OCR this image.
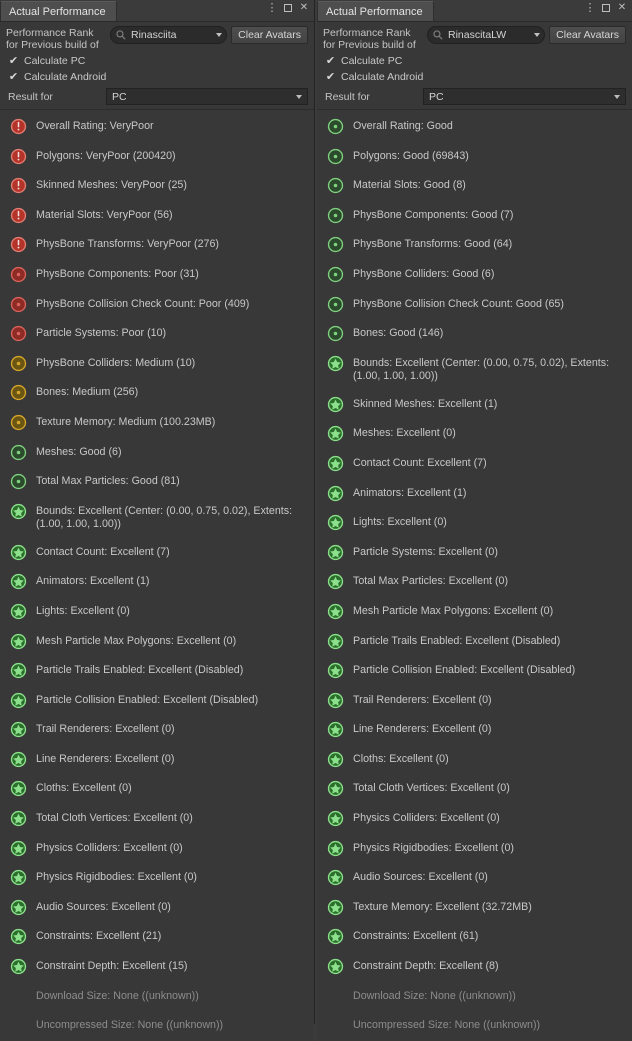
Actual Performance	⋮ ✕
Performance Rank for Previous build of
Rinasciita	Clear Avatars
✔ Calculate PC
✔ Calculate Android
Result for	PC
Overall Rating: VeryPoor
Polygons: VeryPoor (200420)
Skinned Meshes: VeryPoor (25)
Material Slots: VeryPoor (56)
PhysBone Transforms: VeryPoor (276)
PhysBone Components: Poor (31)
PhysBone Collision Check Count: Poor (409)
Particle Systems: Poor (10)
PhysBone Colliders: Medium (10)
Bones: Medium (256)
Texture Memory: Medium (100.23MB)
Meshes: Good (6)
Total Max Particles: Good (81)
Bounds: Excellent (Center: (0.00, 0.75, 0.02), Extents: (1.00, 1.00, 1.00))
Contact Count: Excellent (7)
Animators: Excellent (1)
Lights: Excellent (0)
Mesh Particle Max Polygons: Excellent (0)
Particle Trails Enabled: Excellent (Disabled)
Particle Collision Enabled: Excellent (Disabled)
Trail Renderers: Excellent (0)
Line Renderers: Excellent (0)
Cloths: Excellent (0)
Total Cloth Vertices: Excellent (0)
Physics Colliders: Excellent (0)
Physics Rigidbodies: Excellent (0)
Audio Sources: Excellent (0)
Constraints: Excellent (21)
Constraint Depth: Excellent (15)
Download Size: None ((unknown))
Uncompressed Size: None ((unknown))
Actual Performance	⋮ ✕
Performance Rank for Previous build of
RinascitaLW	Clear Avatars
✔ Calculate PC
✔ Calculate Android
Result for	PC
Overall Rating: Good
Polygons: Good (69843)
Material Slots: Good (8)
PhysBone Components: Good (7)
PhysBone Transforms: Good (64)
PhysBone Colliders: Good (6)
PhysBone Collision Check Count: Good (65)
Bones: Good (146)
Bounds: Excellent (Center: (0.00, 0.75, 0.02), Extents: (1.00, 1.00, 1.00))
Skinned Meshes: Excellent (1)
Meshes: Excellent (0)
Contact Count: Excellent (7)
Animators: Excellent (1)
Lights: Excellent (0)
Particle Systems: Excellent (0)
Total Max Particles: Excellent (0)
Mesh Particle Max Polygons: Excellent (0)
Particle Trails Enabled: Excellent (Disabled)
Particle Collision Enabled: Excellent (Disabled)
Trail Renderers: Excellent (0)
Line Renderers: Excellent (0)
Cloths: Excellent (0)
Total Cloth Vertices: Excellent (0)
Physics Colliders: Excellent (0)
Physics Rigidbodies: Excellent (0)
Audio Sources: Excellent (0)
Texture Memory: Excellent (32.72MB)
Constraints: Excellent (61)
Constraint Depth: Excellent (8)
Download Size: None ((unknown))
Uncompressed Size: None ((unknown))
